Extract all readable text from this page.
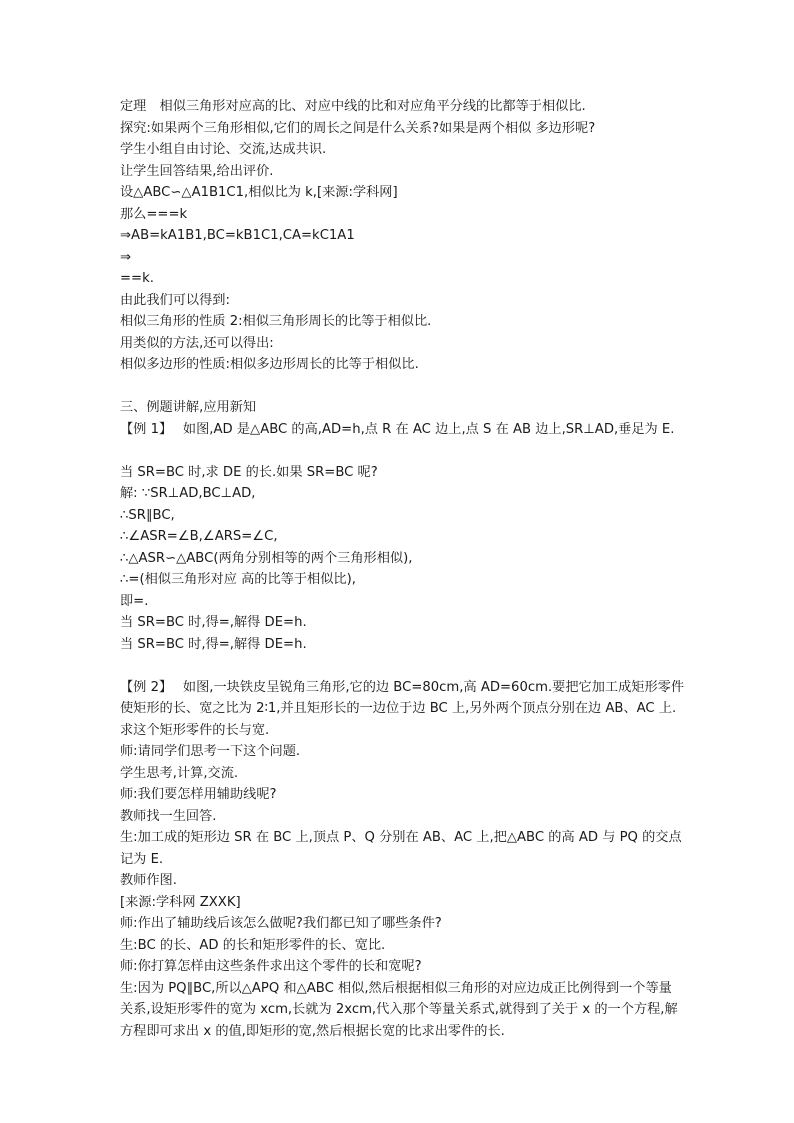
定理　相似三角形对应高的比、对应中线的比和对应角平分线的比都等于相似比.
探究:如果两个三角形相似,它们的周长之间是什么关系?如果是两个相似 多边形呢?
学生小组自由讨论、交流,达成共识.
让学生回答结果,给出评价.
设△ABC∽△A1B1C1,相似比为 k,[来源:学科网]
那么===k
⇒AB=kA1B1,BC=kB1C1,CA=kC1A1
⇒
==k.
由此我们可以得到:
相似三角形的性质 2:相似三角形周长的比等于相似比.
用类似的方法,还可以得出:
相似多边形的性质:相似多边形周长的比等于相似比.
三、例题讲解,应用新知
【例 1】　 如图,AD 是△ABC 的高,AD=h,点 R 在 AC 边上,点 S 在 AB 边上,SR⊥AD,垂足为 E.
当 SR=BC 时,求 DE 的长.如果 SR=BC 呢?
解: ∵SR⊥AD,BC⊥AD,
∴SR∥BC,
∴∠ASR=∠B,∠ARS=∠C,
∴△ASR∽△ABC(两角分别相等的两个三角形相似),
∴=(相似三角形对应 高的比等于相似比),
即=.
当 SR=BC 时,得=,解得 DE=h.
当 SR=BC 时,得=,解得 DE=h.
【例 2】　 如图,一块铁皮呈锐角三角形,它的边 BC=80cm,高 AD=60cm.要把它加工成矩形零件使矩形的长、宽之比为 2∶1,并且矩形长的一边位于边 BC 上,另外两个顶点分别在边 AB、AC 上.求这个矩形零件的长与宽.
师:请同学们思考一下这个问题.
学生思考,计算,交流.
师:我们要怎样用辅助线呢?
教师找一生回答.
生:加工成的矩形边 SR 在 BC 上,顶点 P、Q 分别在 AB、AC 上,把△ABC 的高 AD 与 PQ 的交点记为 E.
教师作图.
[来源:学科网 ZXXK]
师:作出了辅助线后该怎么做呢?我们都已知了哪些条件?
生:BC 的长、AD 的长和矩形零件的长、宽比.
师:你打算怎样由这些条件求出这个零件的长和宽呢?
生:因为 PQ∥BC,所以△APQ 和△ABC 相似,然后根据相似三角形的对应边成正比例得到一个等量关系,设矩形零件的宽为 xcm,长就为 2xcm,代入那个等量关系式,就得到了关于 x 的一个方程,解方程即可求出 x 的值,即矩形的宽,然后根据长宽的比求出零件的长.
